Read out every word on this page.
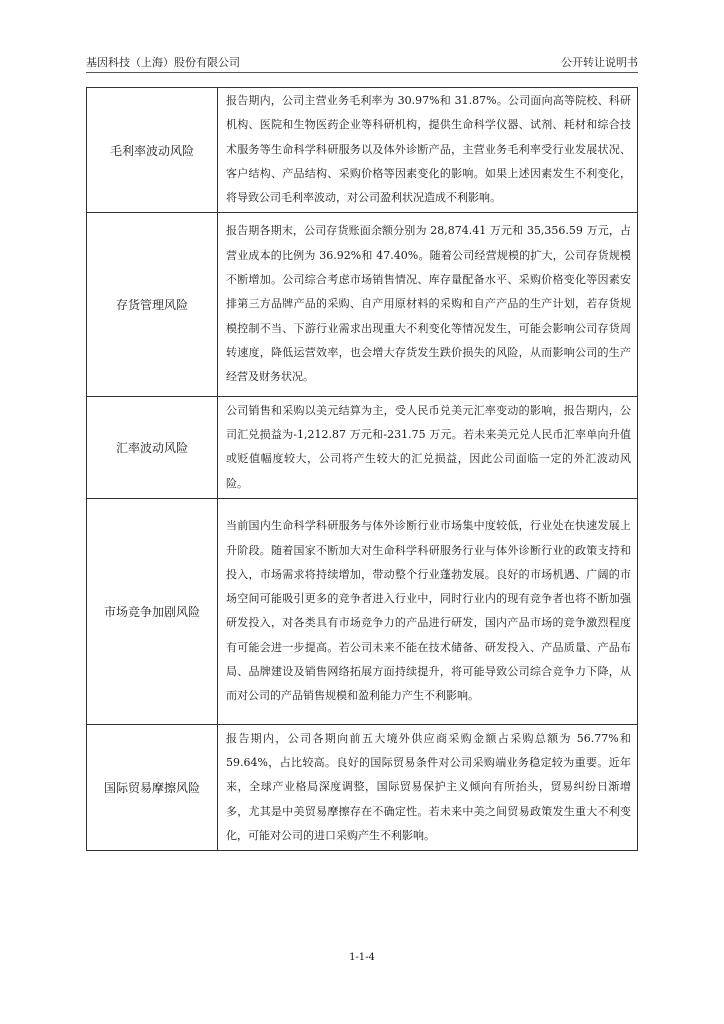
基因科技（上海）股份有限公司	公开转让说明书
毛利率波动风险	报告期内，公司主营业务毛利率为 30.97%和 31.87%。公司面向高等院校、科研机构、医院和生物医药企业等科研机构，提供生命科学仪器、试剂、耗材和综合技术服务等生命科学科研服务以及体外诊断产品，主营业务毛利率受行业发展状况、客户结构、产品结构、采购价格等因素变化的影响。如果上述因素发生不利变化，将导致公司毛利率波动，对公司盈利状况造成不利影响。
存货管理风险	报告期各期末，公司存货账面余额分别为 28,874.41 万元和 35,356.59 万元，占营业成本的比例为 36.92%和 47.40%。随着公司经营规模的扩大，公司存货规模不断增加。公司综合考虑市场销售情况、库存量配备水平、采购价格变化等因素安排第三方品牌产品的采购、自产用原材料的采购和自产产品的生产计划，若存货规模控制不当、下游行业需求出现重大不利变化等情况发生，可能会影响公司存货周转速度，降低运营效率，也会增大存货发生跌价损失的风险，从而影响公司的生产经营及财务状况。
汇率波动风险	公司销售和采购以美元结算为主，受人民币兑美元汇率变动的影响，报告期内，公司汇兑损益为-1,212.87 万元和-231.75 万元。若未来美元兑人民币汇率单向升值或贬值幅度较大，公司将产生较大的汇兑损益，因此公司面临一定的外汇波动风险。
市场竞争加剧风险	当前国内生命科学科研服务与体外诊断行业市场集中度较低，行业处在快速发展上升阶段。随着国家不断加大对生命科学科研服务行业与体外诊断行业的政策支持和投入，市场需求将持续增加，带动整个行业蓬勃发展。良好的市场机遇、广阔的市场空间可能吸引更多的竞争者进入行业中，同时行业内的现有竞争者也将不断加强研发投入，对各类具有市场竞争力的产品进行研发，国内产品市场的竞争激烈程度有可能会进一步提高。若公司未来不能在技术储备、研发投入、产品质量、产品布局、品牌建设及销售网络拓展方面持续提升，将可能导致公司综合竞争力下降，从而对公司的产品销售规模和盈利能力产生不利影响。
国际贸易摩擦风险	报告期内，公司各期向前五大境外供应商采购金额占采购总额为 56.77%和 59.64%，占比较高。良好的国际贸易条件对公司采购端业务稳定较为重要。近年来，全球产业格局深度调整，国际贸易保护主义倾向有所抬头，贸易纠纷日渐增多，尤其是中美贸易摩擦存在不确定性。若未来中美之间贸易政策发生重大不利变化，可能对公司的进口采购产生不利影响。
1-1-4
